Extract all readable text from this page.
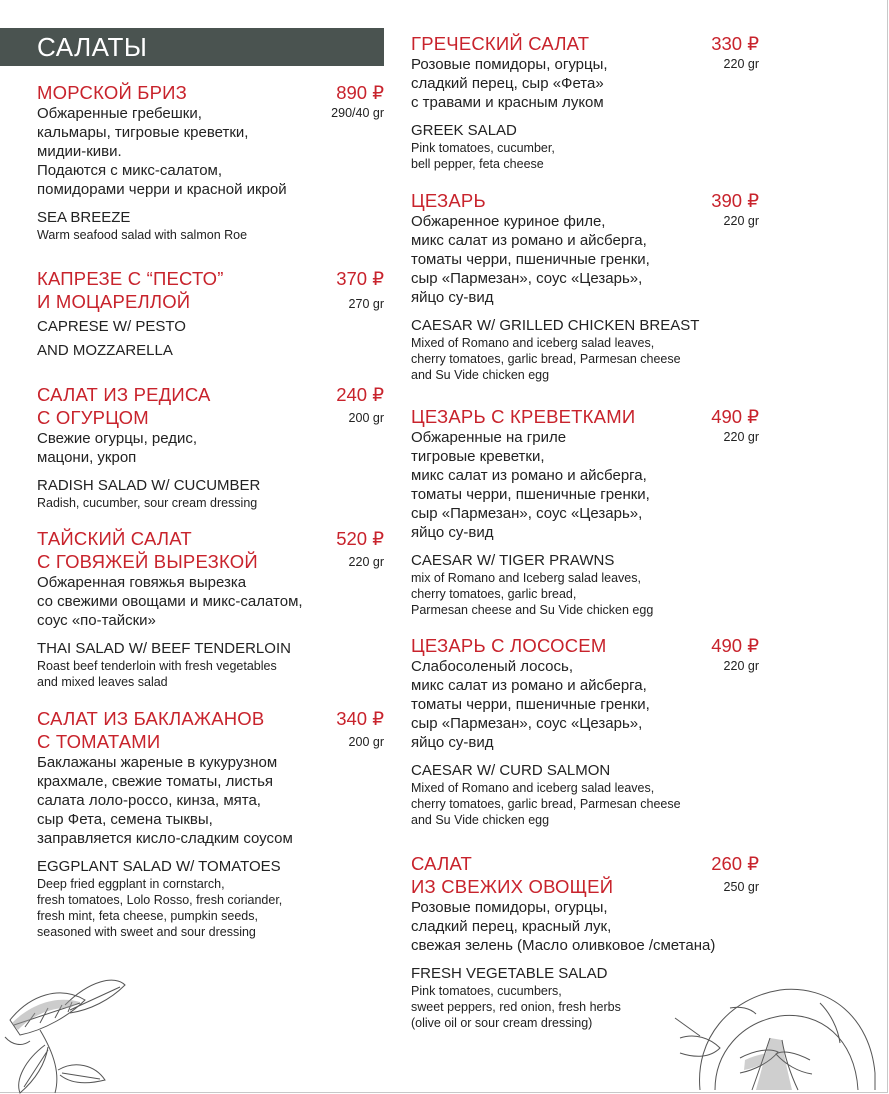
САЛАТЫ
МОРСКОЙ БРИЗ	890 ₽
290/40 gr
Обжаренные гребешки,
кальмары, тигровые креветки,
мидии-киви.
Подаются с микс-салатом,
помидорами черри и красной икрой
SEA BREEZE
Warm seafood salad with salmon Roe
КАПРЕЗЕ С “ПЕСТО”
И МОЦАРЕЛЛОЙ
370 ₽
270 gr
CAPRESE W/ PESTO
AND MOZZARELLA
САЛАТ ИЗ РЕДИСА
С ОГУРЦОМ
240 ₽
200 gr
Свежие огурцы, редис,
мацони, укроп
RADISH SALAD W/ CUCUMBER
Radish, cucumber, sour cream dressing
ТАЙСКИЙ САЛАТ
С ГОВЯЖЕЙ ВЫРЕЗКОЙ
520 ₽
220 gr
Обжаренная говяжья вырезка
со свежими овощами и микс-салатом,
соус «по-тайски»
THAI SALAD W/ BEEF TENDERLOIN
Roast beef tenderloin with fresh vegetables
and mixed leaves salad
САЛАТ ИЗ БАКЛАЖАНОВ
С ТОМАТАМИ
340 ₽
200 gr
Баклажаны жареные в кукурузном
крахмале, свежие томаты, листья
салата лоло-россо, кинза, мята,
сыр Фета, семена тыквы,
заправляется кисло-сладким соусом
EGGPLANT SALAD W/ TOMATOES
Deep fried eggplant in cornstarch,
fresh tomatoes, Lolo Rosso, fresh coriander,
fresh mint, feta cheese, pumpkin seeds,
seasoned with sweet and sour dressing
ГРЕЧЕСКИЙ САЛАТ	330 ₽
220 gr
Розовые помидоры, огурцы,
сладкий перец, сыр «Фета»
с травами и красным луком
GREEK SALAD
Pink tomatoes, cucumber,
bell pepper, feta cheese
ЦЕЗАРЬ	390 ₽
220 gr
Обжаренное куриное филе,
микс салат из романо и айсберга,
томаты черри, пшеничные гренки,
сыр «Пармезан», соус «Цезарь»,
яйцо су-вид
CAESAR W/ GRILLED CHICKEN BREAST
Mixed of Romano and iceberg salad leaves,
cherry tomatoes, garlic bread, Parmesan cheese
and Su Vide chicken egg
ЦЕЗАРЬ С КРЕВЕТКАМИ	490 ₽
220 gr
Обжаренные на гриле
тигровые креветки,
микс салат из романо и айсберга,
томаты черри, пшеничные гренки,
сыр «Пармезан», соус «Цезарь»,
яйцо су-вид
CAESAR W/ TIGER PRAWNS
mix of Romano and Iceberg salad leaves,
cherry tomatoes, garlic bread,
Parmesan cheese and Su Vide chicken egg
ЦЕЗАРЬ С ЛОСОСЕМ	490 ₽
220 gr
Слабосоленый лосось,
микс салат из романо и айсберга,
томаты черри, пшеничные гренки,
сыр «Пармезан», соус «Цезарь»,
яйцо су-вид
CAESAR W/ CURD SALMON
Mixed of Romano and iceberg salad leaves,
cherry tomatoes, garlic bread, Parmesan cheese
and Su Vide chicken egg
САЛАТ
ИЗ СВЕЖИХ ОВОЩЕЙ
260 ₽
250 gr
Розовые помидоры, огурцы,
сладкий перец, красный лук,
свежая зелень (Масло оливковое /сметана)
FRESH VEGETABLE SALAD
Pink tomatoes, cucumbers,
sweet peppers, red onion, fresh herbs
(olive oil or sour cream dressing)
